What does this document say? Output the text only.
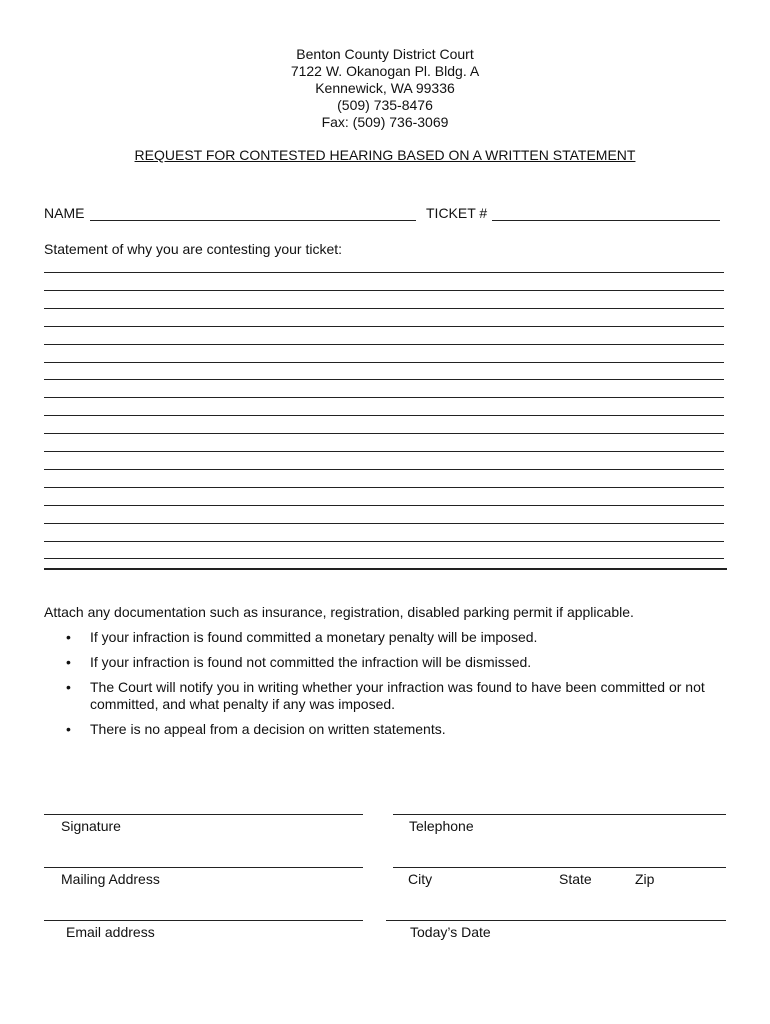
Benton County District Court
7122 W. Okanogan Pl. Bldg. A
Kennewick, WA 99336
(509) 735-8476
Fax: (509) 736-3069
REQUEST FOR CONTESTED HEARING BASED ON A WRITTEN STATEMENT
NAME	TICKET #
Statement of why you are contesting your ticket:
Attach any documentation such as insurance, registration, disabled parking permit if applicable.
• If your infraction is found committed a monetary penalty will be imposed.
• If your infraction is found not committed the infraction will be dismissed.
• The Court will notify you in writing whether your infraction was found to have been committed or not committed, and what penalty if any was imposed.
• There is no appeal from a decision on written statements.
Signature	Telephone
Mailing Address	City	State	Zip
Email address	Today’s Date
